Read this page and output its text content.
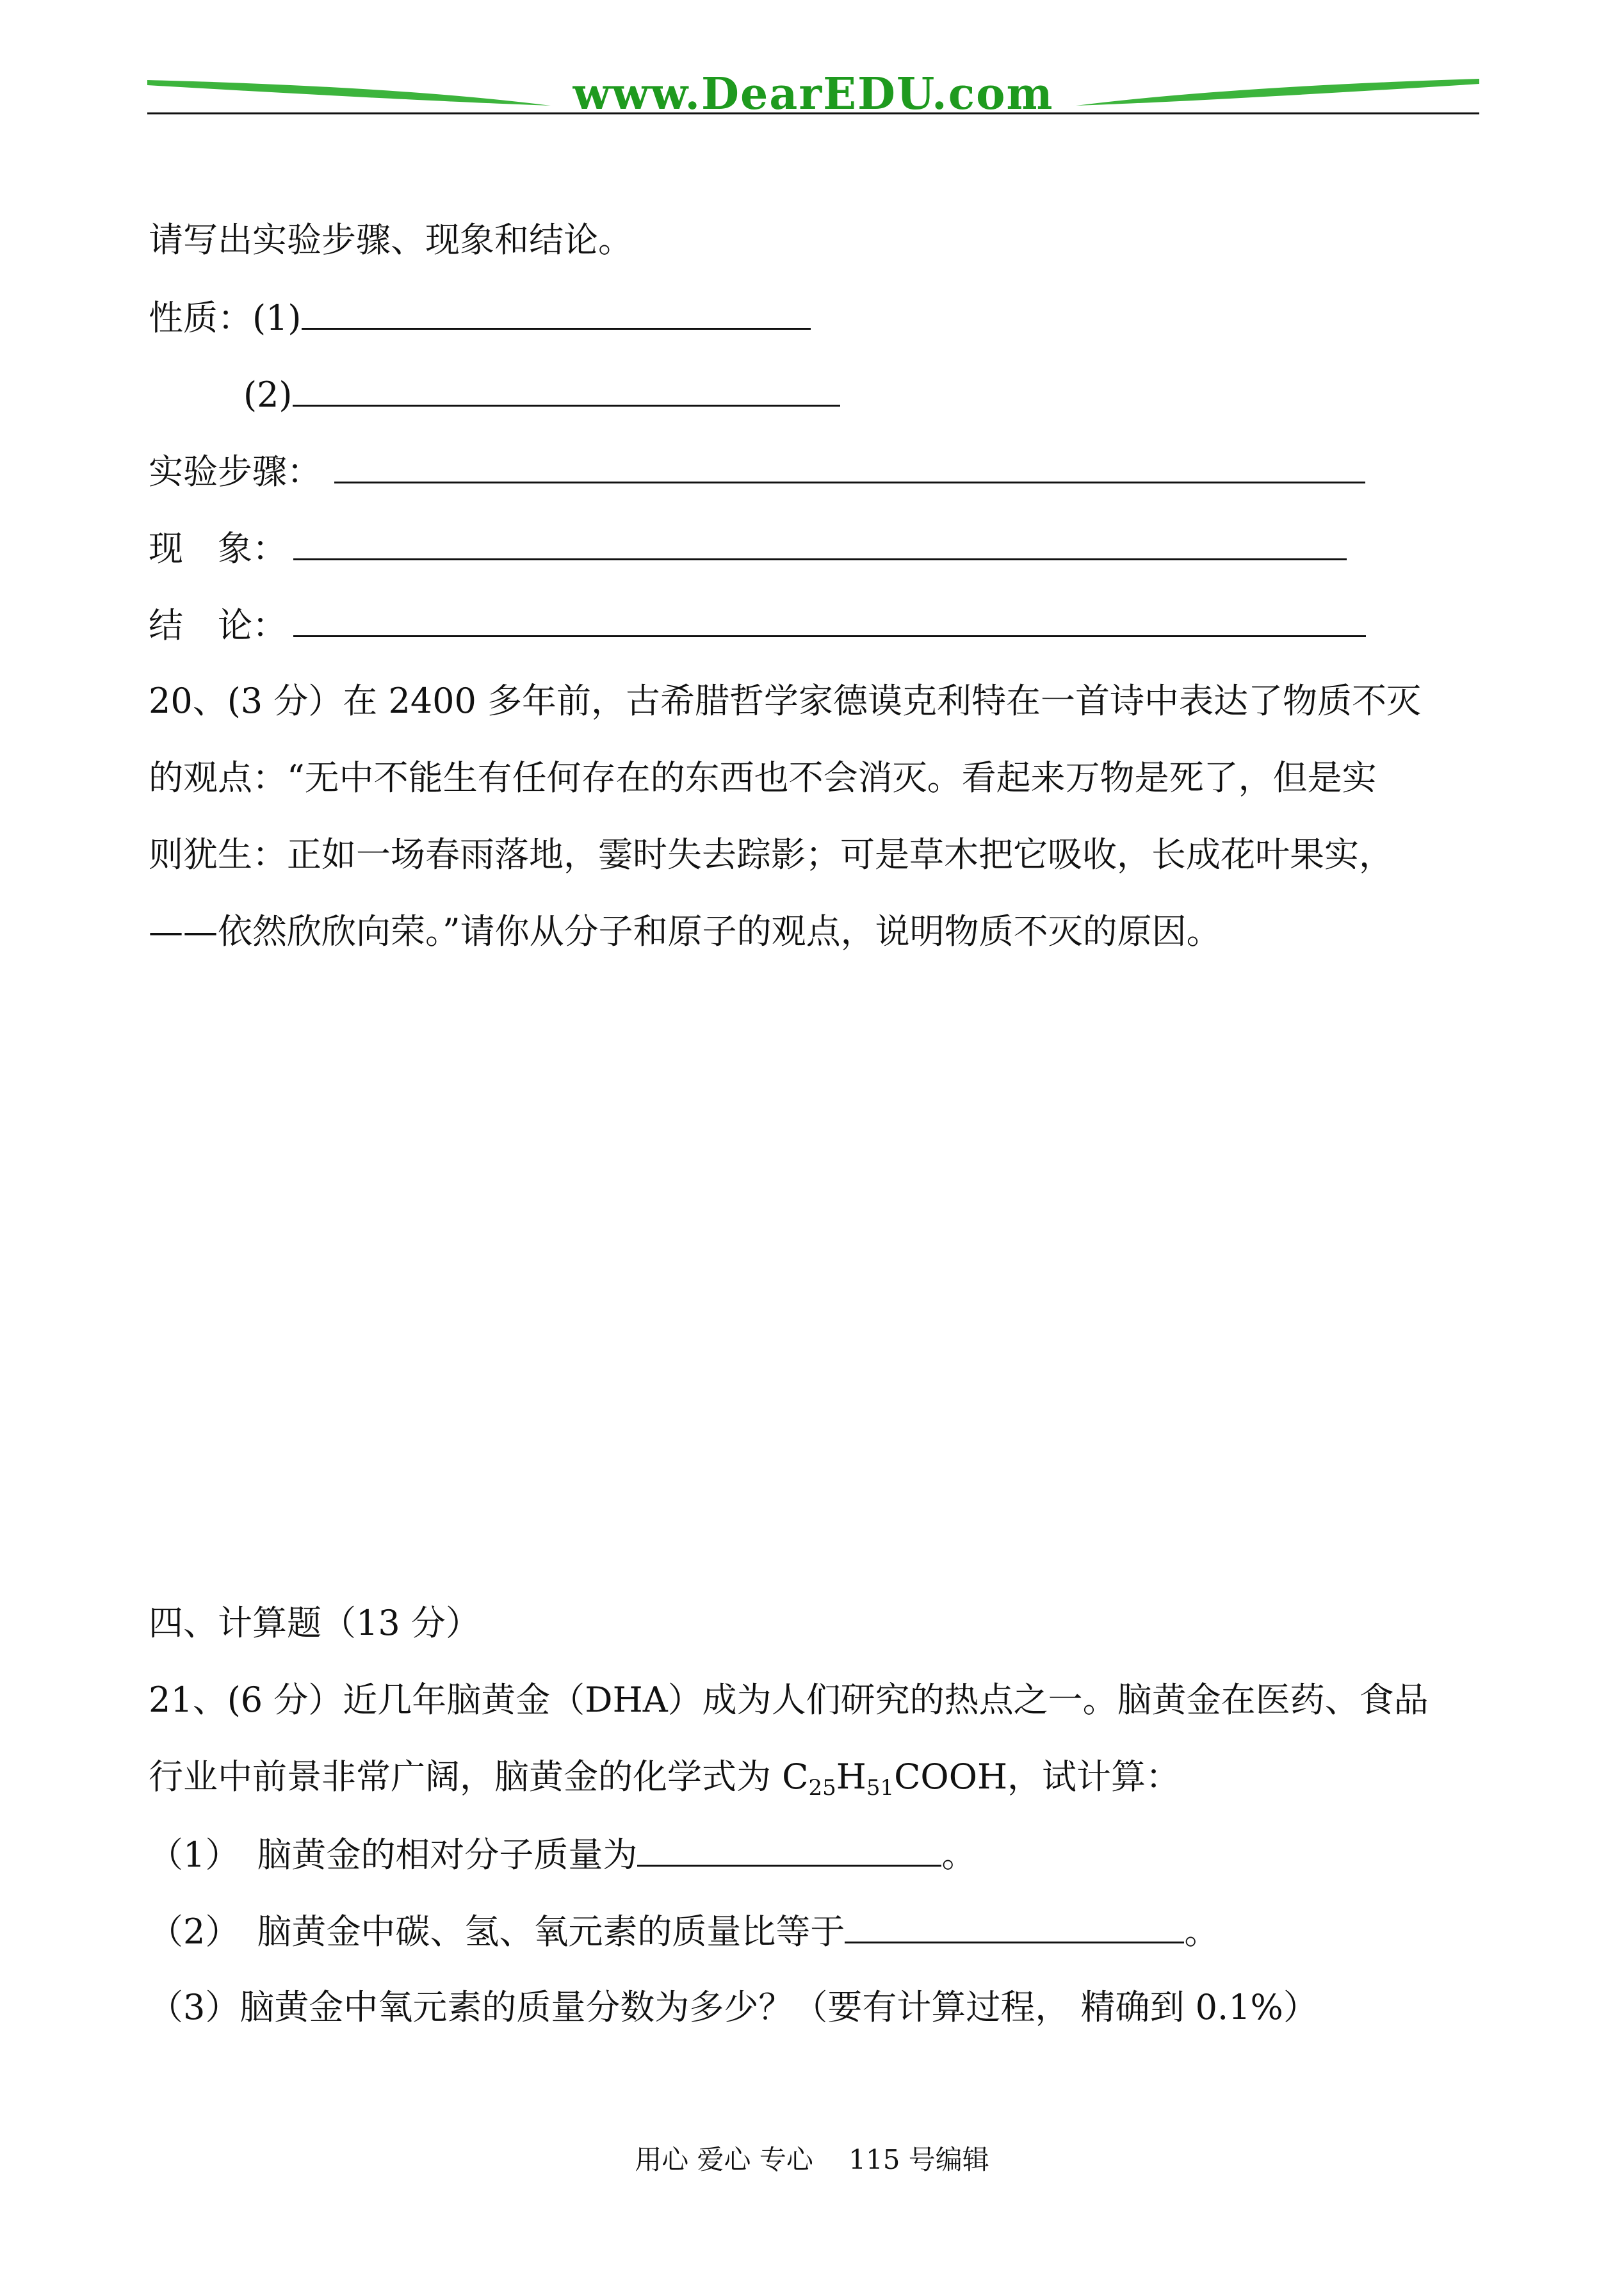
www.DearEDU.com
请写出实验步骤、现象和结论。
性质：(1)
(2)
实验步骤：
现　象：
结　论：
20、(3 分）在 2400 多年前，古希腊哲学家德谟克利特在一首诗中表达了物质不灭
的观点：“无中不能生有任何存在的东西也不会消灭。看起来万物是死了，但是实
则犹生：正如一场春雨落地，霎时失去踪影；可是草木把它吸收，长成花叶果实，
——依然欣欣向荣。”请你从分子和原子的观点，说明物质不灭的原因。
四、计算题（13 分）
21、(6 分）近几年脑黄金（DHA）成为人们研究的热点之一。脑黄金在医药、食品
行业中前景非常广阔，脑黄金的化学式为 $C_{25}H_{51}COOH$，试计算：
（1）　脑黄金的相对分子质量为	。
（2）　脑黄金中碳、氢、氧元素的质量比等于	。
（3）脑黄金中氧元素的质量分数为多少？（要有计算过程， 精确到 0.1%）
用心 爱心 专心　 115 号编辑
